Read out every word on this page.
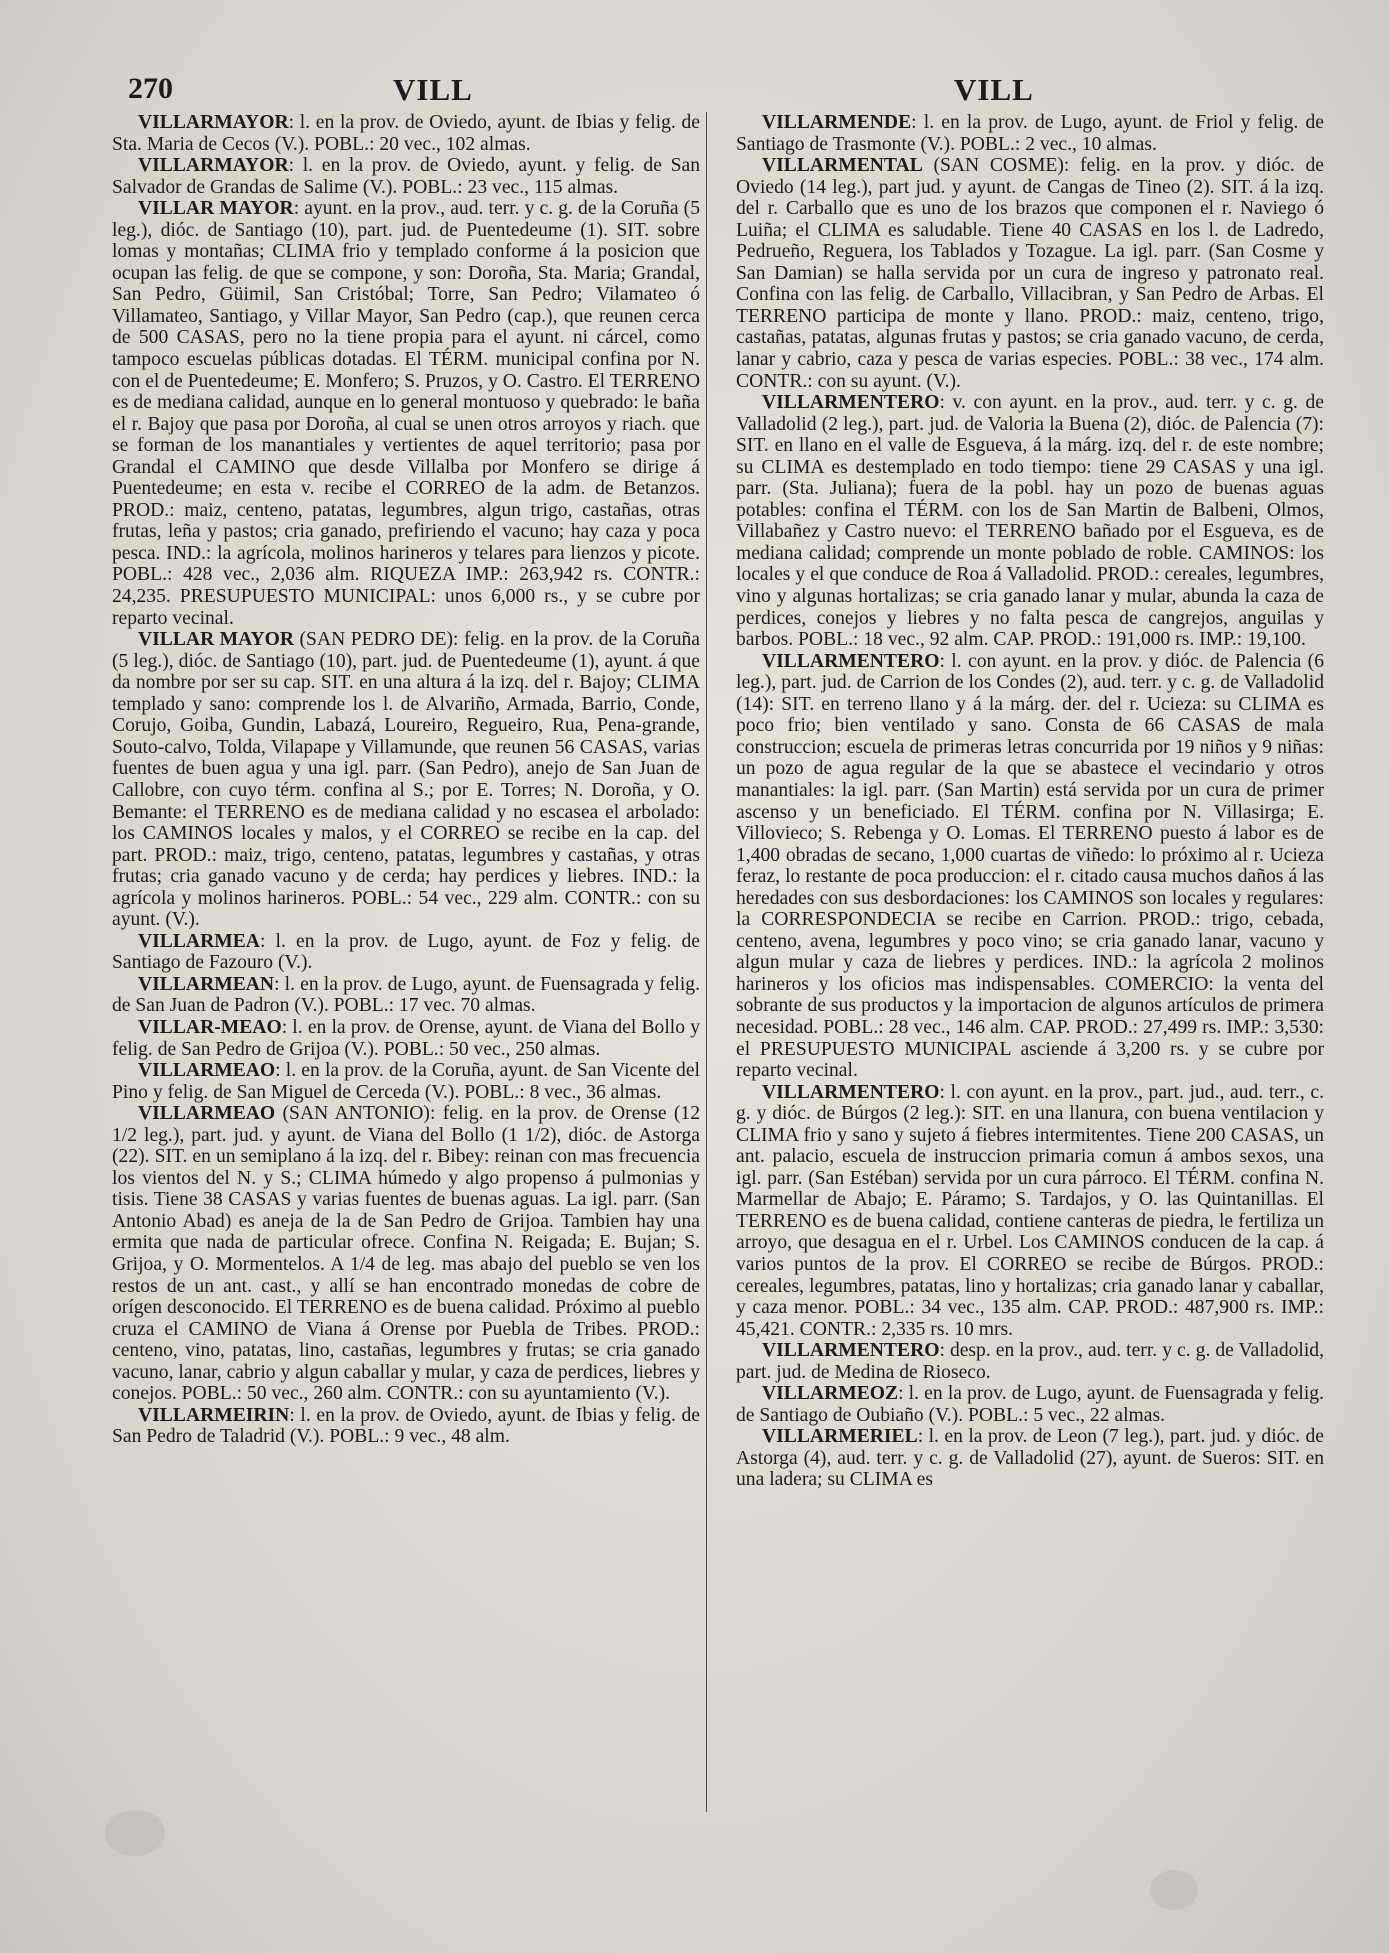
270	VILL	VILL

VILLARMAYOR: l. en la prov. de Oviedo, ayunt. de Ibias y felig. de Sta. Maria de Cecos (V.). POBL.: 20 vec., 102 almas.

VILLARMAYOR: l. en la prov. de Oviedo, ayunt. y felig. de San Salvador de Grandas de Salime (V.). POBL.: 23 vec., 115 almas.

VILLAR MAYOR: ayunt. en la prov., aud. terr. y c. g. de la Coruña (5 leg.), dióc. de Santiago (10), part. jud. de Puentedeume (1). SIT. sobre lomas y montañas; CLIMA frio y templado conforme á la posicion que ocupan las felig. de que se compone, y son: Doroña, Sta. Maria; Grandal, San Pedro, Güimil, San Cristóbal; Torre, San Pedro; Vilamateo ó Villamateo, Santiago, y Villar Mayor, San Pedro (cap.), que reunen cerca de 500 CASAS, pero no la tiene propia para el ayunt. ni cárcel, como tampoco escuelas públicas dotadas. El TÉRM. municipal confina por N. con el de Puentedeume; E. Monfero; S. Pruzos, y O. Castro. El TERRENO es de mediana calidad, aunque en lo general montuoso y quebrado: le baña el r. Bajoy que pasa por Doroña, al cual se unen otros arroyos y riach. que se forman de los manantiales y vertientes de aquel territorio; pasa por Grandal el CAMINO que desde Villalba por Monfero se dirige á Puentedeume; en esta v. recibe el CORREO de la adm. de Betanzos. PROD.: maiz, centeno, patatas, legumbres, algun trigo, castañas, otras frutas, leña y pastos; cria ganado, prefiriendo el vacuno; hay caza y poca pesca. IND.: la agrícola, molinos harineros y telares para lienzos y picote. POBL.: 428 vec., 2,036 alm. RIQUEZA IMP.: 263,942 rs. CONTR.: 24,235. PRESUPUESTO MUNICIPAL: unos 6,000 rs., y se cubre por reparto vecinal.

VILLAR MAYOR (SAN PEDRO DE): felig. en la prov. de la Coruña (5 leg.), dióc. de Santiago (10), part. jud. de Puentedeume (1), ayunt. á que da nombre por ser su cap. SIT. en una altura á la izq. del r. Bajoy; CLIMA templado y sano: comprende los l. de Alvariño, Armada, Barrio, Conde, Corujo, Goiba, Gundin, Labazá, Loureiro, Regueiro, Rua, Pena-grande, Souto-calvo, Tolda, Vilapape y Villamunde, que reunen 56 CASAS, varias fuentes de buen agua y una igl. parr. (San Pedro), anejo de San Juan de Callobre, con cuyo térm. confina al S.; por E. Torres; N. Doroña, y O. Bemante: el TERRENO es de mediana calidad y no escasea el arbolado: los CAMINOS locales y malos, y el CORREO se recibe en la cap. del part. PROD.: maiz, trigo, centeno, patatas, legumbres y castañas, y otras frutas; cria ganado vacuno y de cerda; hay perdices y liebres. IND.: la agrícola y molinos harineros. POBL.: 54 vec., 229 alm. CONTR.: con su ayunt. (V.).

VILLARMEA: l. en la prov. de Lugo, ayunt. de Foz y felig. de Santiago de Fazouro (V.).

VILLARMEAN: l. en la prov. de Lugo, ayunt. de Fuensagrada y felig. de San Juan de Padron (V.). POBL.: 17 vec. 70 almas.

VILLAR-MEAO: l. en la prov. de Orense, ayunt. de Viana del Bollo y felig. de San Pedro de Grijoa (V.). POBL.: 50 vec., 250 almas.

VILLARMEAO: l. en la prov. de la Coruña, ayunt. de San Vicente del Pino y felig. de San Miguel de Cerceda (V.). POBL.: 8 vec., 36 almas.

VILLARMEAO (SAN ANTONIO): felig. en la prov. de Orense (12 1/2 leg.), part. jud. y ayunt. de Viana del Bollo (1 1/2), dióc. de Astorga (22). SIT. en un semiplano á la izq. del r. Bibey: reinan con mas frecuencia los vientos del N. y S.; CLIMA húmedo y algo propenso á pulmonias y tisis. Tiene 38 CASAS y varias fuentes de buenas aguas. La igl. parr. (San Antonio Abad) es aneja de la de San Pedro de Grijoa. Tambien hay una ermita que nada de particular ofrece. Confina N. Reigada; E. Bujan; S. Grijoa, y O. Mormentelos. A 1/4 de leg. mas abajo del pueblo se ven los restos de un ant. cast., y allí se han encontrado monedas de cobre de orígen desconocido. El TERRENO es de buena calidad. Próximo al pueblo cruza el CAMINO de Viana á Orense por Puebla de Tribes. PROD.: centeno, vino, patatas, lino, castañas, legumbres y frutas; se cria ganado vacuno, lanar, cabrio y algun caballar y mular, y caza de perdices, liebres y conejos. POBL.: 50 vec., 260 alm. CONTR.: con su ayuntamiento (V.).

VILLARMEIRIN: l. en la prov. de Oviedo, ayunt. de Ibias y felig. de San Pedro de Taladrid (V.). POBL.: 9 vec., 48 alm.

VILLARMENDE: l. en la prov. de Lugo, ayunt. de Friol y felig. de Santiago de Trasmonte (V.). POBL.: 2 vec., 10 almas.

VILLARMENTAL (SAN COSME): felig. en la prov. y dióc. de Oviedo (14 leg.), part jud. y ayunt. de Cangas de Tineo (2). SIT. á la izq. del r. Carballo que es uno de los brazos que componen el r. Naviego ó Luiña; el CLIMA es saludable. Tiene 40 CASAS en los l. de Ladredo, Pedrueño, Reguera, los Tablados y Tozague. La igl. parr. (San Cosme y San Damian) se halla servida por un cura de ingreso y patronato real. Confina con las felig. de Carballo, Villacibran, y San Pedro de Arbas. El TERRENO participa de monte y llano. PROD.: maiz, centeno, trigo, castañas, patatas, algunas frutas y pastos; se cria ganado vacuno, de cerda, lanar y cabrio, caza y pesca de varias especies. POBL.: 38 vec., 174 alm. CONTR.: con su ayunt. (V.).

VILLARMENTERO: v. con ayunt. en la prov., aud. terr. y c. g. de Valladolid (2 leg.), part. jud. de Valoria la Buena (2), dióc. de Palencia (7): SIT. en llano en el valle de Esgueva, á la márg. izq. del r. de este nombre; su CLIMA es destemplado en todo tiempo: tiene 29 CASAS y una igl. parr. (Sta. Juliana); fuera de la pobl. hay un pozo de buenas aguas potables: confina el TÉRM. con los de San Martin de Balbeni, Olmos, Villabañez y Castro nuevo: el TERRENO bañado por el Esgueva, es de mediana calidad; comprende un monte poblado de roble. CAMINOS: los locales y el que conduce de Roa á Valladolid. PROD.: cereales, legumbres, vino y algunas hortalizas; se cria ganado lanar y mular, abunda la caza de perdices, conejos y liebres y no falta pesca de cangrejos, anguilas y barbos. POBL.: 18 vec., 92 alm. CAP. PROD.: 191,000 rs. IMP.: 19,100.

VILLARMENTERO: l. con ayunt. en la prov. y dióc. de Palencia (6 leg.), part. jud. de Carrion de los Condes (2), aud. terr. y c. g. de Valladolid (14): SIT. en terreno llano y á la márg. der. del r. Ucieza: su CLIMA es poco frio; bien ventilado y sano. Consta de 66 CASAS de mala construccion; escuela de primeras letras concurrida por 19 niños y 9 niñas: un pozo de agua regular de la que se abastece el vecindario y otros manantiales: la igl. parr. (San Martin) está servida por un cura de primer ascenso y un beneficiado. El TÉRM. confina por N. Villasirga; E. Villovieco; S. Rebenga y O. Lomas. El TERRENO puesto á labor es de 1,400 obradas de secano, 1,000 cuartas de viñedo: lo próximo al r. Ucieza feraz, lo restante de poca produccion: el r. citado causa muchos daños á las heredades con sus desbordaciones: los CAMINOS son locales y regulares: la CORRESPONDECIA se recibe en Carrion. PROD.: trigo, cebada, centeno, avena, legumbres y poco vino; se cria ganado lanar, vacuno y algun mular y caza de liebres y perdices. IND.: la agrícola 2 molinos harineros y los oficios mas indispensables. COMERCIO: la venta del sobrante de sus productos y la importacion de algunos artículos de primera necesidad. POBL.: 28 vec., 146 alm. CAP. PROD.: 27,499 rs. IMP.: 3,530: el PRESUPUESTO MUNICIPAL asciende á 3,200 rs. y se cubre por reparto vecinal.

VILLARMENTERO: l. con ayunt. en la prov., part. jud., aud. terr., c. g. y dióc. de Búrgos (2 leg.): SIT. en una llanura, con buena ventilacion y CLIMA frio y sano y sujeto á fiebres intermitentes. Tiene 200 CASAS, un ant. palacio, escuela de instruccion primaria comun á ambos sexos, una igl. parr. (San Estéban) servida por un cura párroco. El TÉRM. confina N. Marmellar de Abajo; E. Páramo; S. Tardajos, y O. las Quintanillas. El TERRENO es de buena calidad, contiene canteras de piedra, le fertiliza un arroyo, que desagua en el r. Urbel. Los CAMINOS conducen de la cap. á varios puntos de la prov. El CORREO se recibe de Búrgos. PROD.: cereales, legumbres, patatas, lino y hortalizas; cria ganado lanar y caballar, y caza menor. POBL.: 34 vec., 135 alm. CAP. PROD.: 487,900 rs. IMP.: 45,421. CONTR.: 2,335 rs. 10 mrs.

VILLARMENTERO: desp. en la prov., aud. terr. y c. g. de Valladolid, part. jud. de Medina de Rioseco.

VILLARMEOZ: l. en la prov. de Lugo, ayunt. de Fuensagrada y felig. de Santiago de Oubiaño (V.). POBL.: 5 vec., 22 almas.

VILLARMERIEL: l. en la prov. de Leon (7 leg.), part. jud. y dióc. de Astorga (4), aud. terr. y c. g. de Valladolid (27), ayunt. de Sueros: SIT. en una ladera; su CLIMA es
